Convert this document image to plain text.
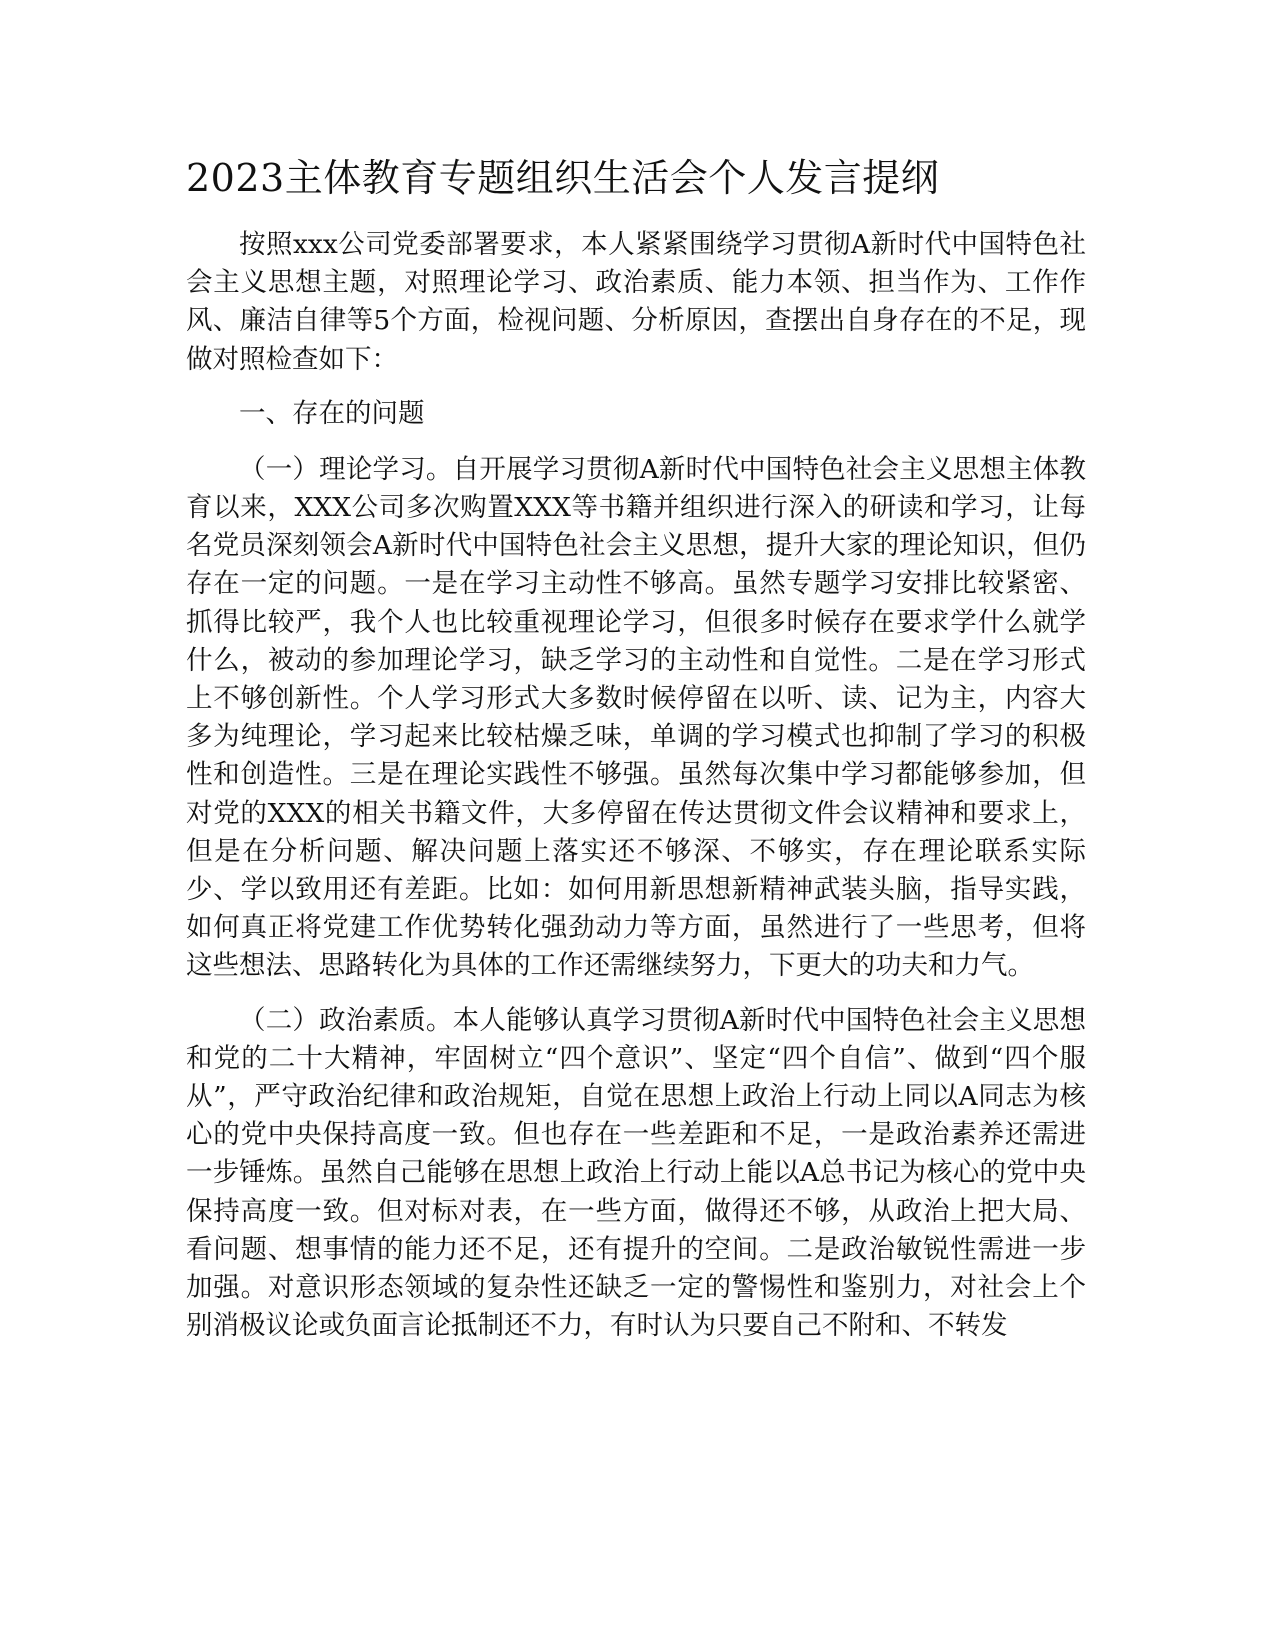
2023主体教育专题组织生活会个人发言提纲

按照xxx公司党委部署要求，本人紧紧围绕学习贯彻A新时代中国特色社会主义思想主题，对照理论学习、政治素质、能力本领、担当作为、工作作风、廉洁自律等5个方面，检视问题、分析原因，查摆出自身存在的不足，现做对照检查如下：

一、存在的问题

（一）理论学习。自开展学习贯彻A新时代中国特色社会主义思想主体教育以来，XXX公司多次购置XXX等书籍并组织进行深入的研读和学习，让每名党员深刻领会A新时代中国特色社会主义思想，提升大家的理论知识，但仍存在一定的问题。一是在学习主动性不够高。虽然专题学习安排比较紧密、抓得比较严，我个人也比较重视理论学习，但很多时候存在要求学什么就学什么，被动的参加理论学习，缺乏学习的主动性和自觉性。二是在学习形式上不够创新性。个人学习形式大多数时候停留在以听、读、记为主，内容大多为纯理论，学习起来比较枯燥乏味，单调的学习模式也抑制了学习的积极性和创造性。三是在理论实践性不够强。虽然每次集中学习都能够参加，但对党的XXX的相关书籍文件，大多停留在传达贯彻文件会议精神和要求上，但是在分析问题、解决问题上落实还不够深、不够实，存在理论联系实际少、学以致用还有差距。比如：如何用新思想新精神武装头脑，指导实践，如何真正将党建工作优势转化强劲动力等方面，虽然进行了一些思考，但将这些想法、思路转化为具体的工作还需继续努力，下更大的功夫和力气。

（二）政治素质。本人能够认真学习贯彻A新时代中国特色社会主义思想和党的二十大精神，牢固树立“四个意识”、坚定“四个自信”、做到“四个服从”，严守政治纪律和政治规矩，自觉在思想上政治上行动上同以A同志为核心的党中央保持高度一致。但也存在一些差距和不足，一是政治素养还需进一步锤炼。虽然自己能够在思想上政治上行动上能以A总书记为核心的党中央保持高度一致。但对标对表，在一些方面，做得还不够，从政治上把大局、看问题、想事情的能力还不足，还有提升的空间。二是政治敏锐性需进一步加强。对意识形态领域的复杂性还缺乏一定的警惕性和鉴别力，对社会上个别消极议论或负面言论抵制还不力，有时认为只要自己不附和、不转发
